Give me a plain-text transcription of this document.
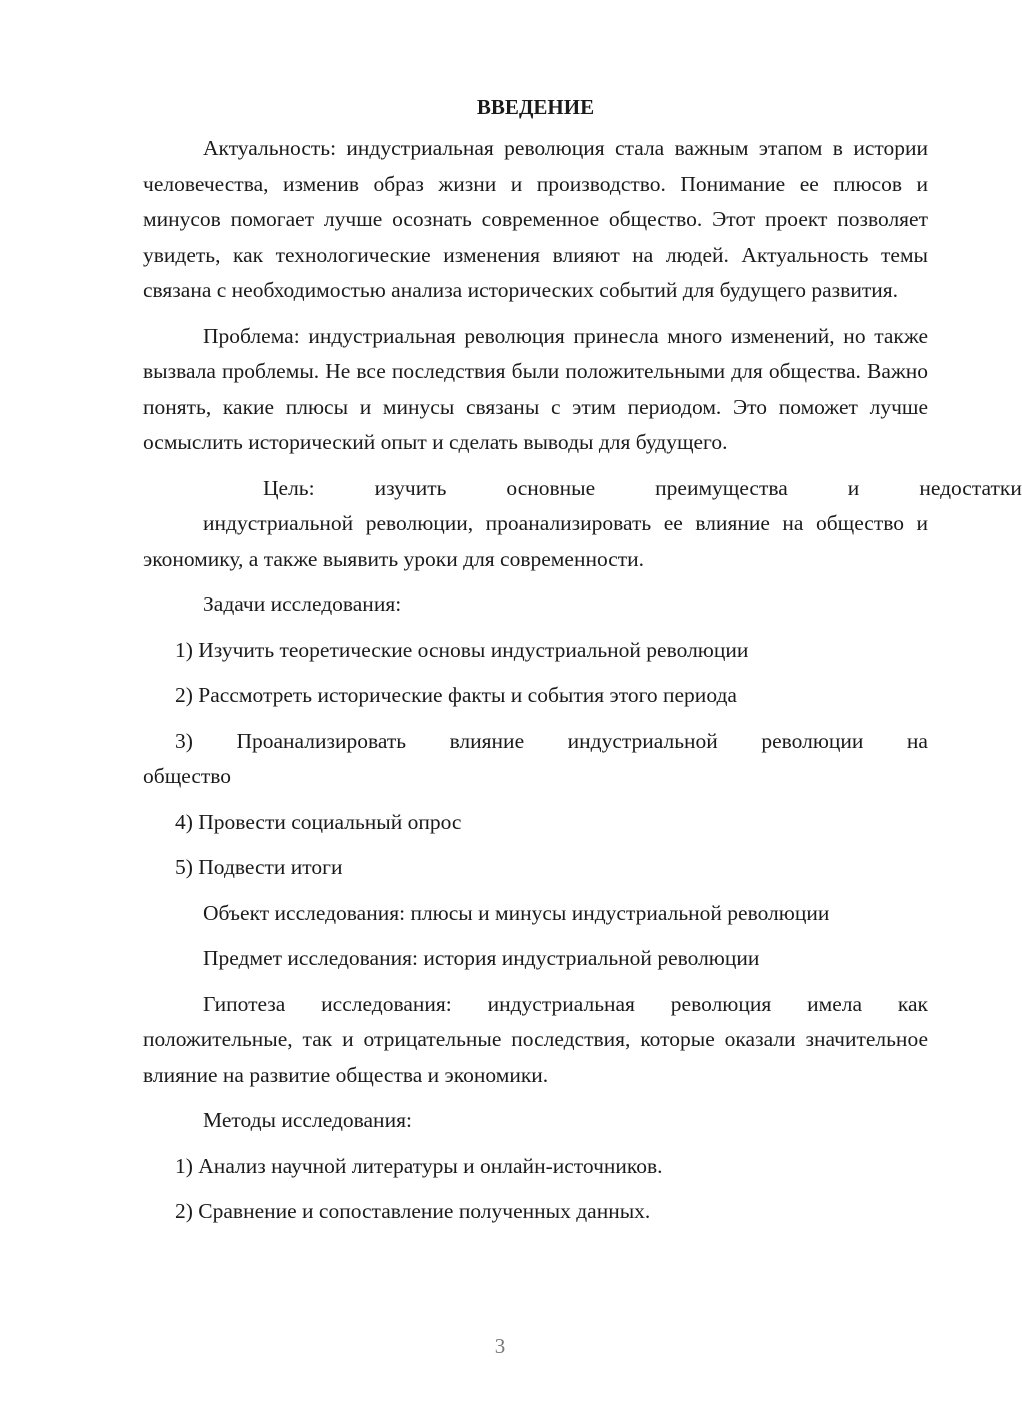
ВВЕДЕНИЕ

Актуальность: индустриальная революция стала важным этапом в истории человечества, изменив образ жизни и производство. Понимание ее плюсов и минусов помогает лучше осознать современное общество. Этот проект позволяет увидеть, как технологические изменения влияют на людей. Актуальность темы связана с необходимостью анализа исторических событий для будущего развития.

Проблема: индустриальная революция принесла много изменений, но также вызвала проблемы. Не все последствия были положительными для общества. Важно понять, какие плюсы и минусы связаны с этим периодом. Это поможет лучше осмыслить исторический опыт и сделать выводы для будущего.

Цель:	изучить	основные	преимущества	и	недостатки
индустриальной революции, проанализировать ее влияние на общество и экономику, а также выявить уроки для современности.

Задачи исследования:

1) Изучить теоретические основы индустриальной революции

2) Рассмотреть исторические факты и события этого периода

3) Проанализировать влияние индустриальной революции на
общество

4) Провести социальный опрос

5) Подвести итоги

Объект исследования: плюсы и минусы индустриальной революции

Предмет исследования: история индустриальной революции

Гипотеза исследования: индустриальная революция имела как положительные, так и отрицательные последствия, которые оказали значительное влияние на развитие общества и экономики.

Методы исследования:

1) Анализ научной литературы и онлайн-источников.

2) Сравнение и сопоставление полученных данных.

3
